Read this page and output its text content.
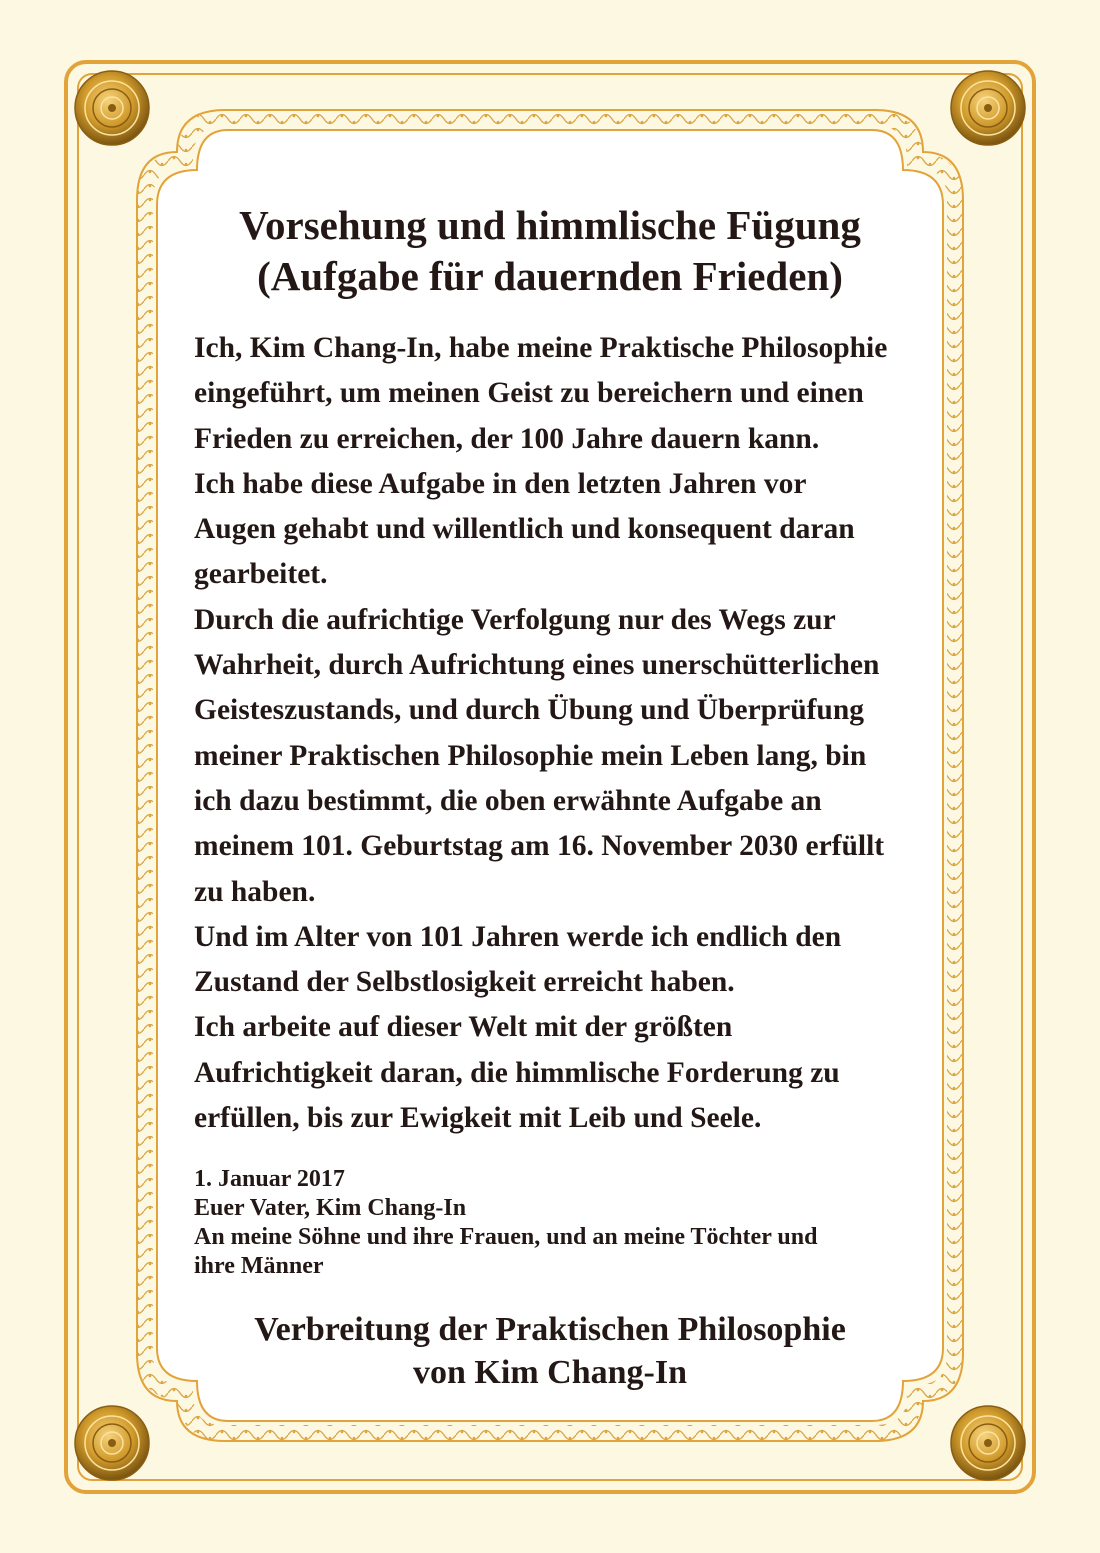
Vorsehung und himmlische Fügung
(Aufgabe für dauernden Frieden)
Ich, Kim Chang-In, habe meine Praktische Philosophie
eingeführt, um meinen Geist zu bereichern und einen
Frieden zu erreichen, der 100 Jahre dauern kann.
Ich habe diese Aufgabe in den letzten Jahren vor
Augen gehabt und willentlich und konsequent daran
gearbeitet.
Durch die aufrichtige Verfolgung nur des Wegs zur
Wahrheit, durch Aufrichtung eines unerschütterlichen
Geisteszustands, und durch Übung und Überprüfung
meiner Praktischen Philosophie mein Leben lang, bin
ich dazu bestimmt, die oben erwähnte Aufgabe an
meinem 101. Geburtstag am 16. November 2030 erfüllt
zu haben.
Und im Alter von 101 Jahren werde ich endlich den
Zustand der Selbstlosigkeit erreicht haben.
Ich arbeite auf dieser Welt mit der größten
Aufrichtigkeit daran, die himmlische Forderung zu
erfüllen, bis zur Ewigkeit mit Leib und Seele.
1. Januar 2017
Euer Vater, Kim Chang-In
An meine Söhne und ihre Frauen, und an meine Töchter und
ihre Männer
Verbreitung der Praktischen Philosophie
von Kim Chang-In
